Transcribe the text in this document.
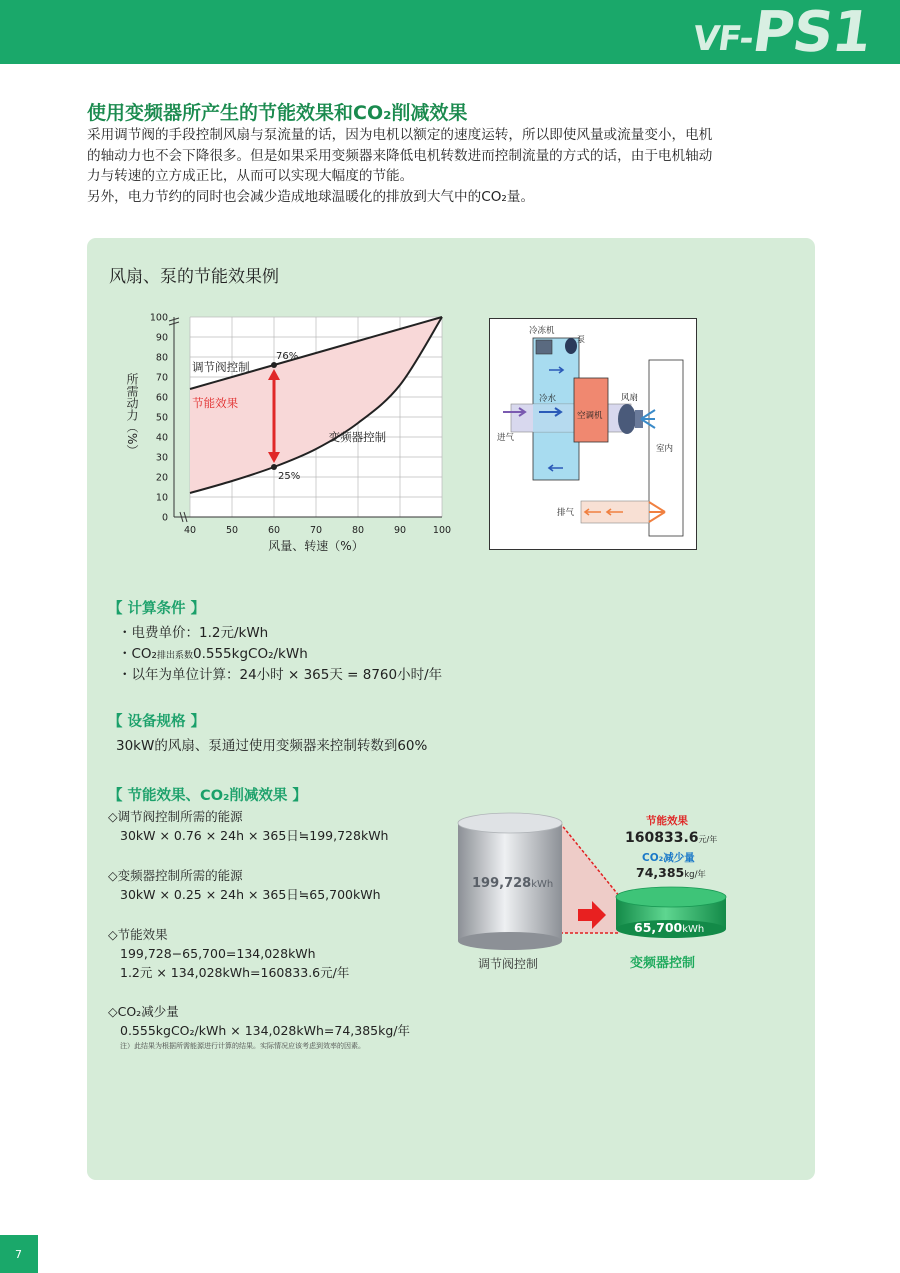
VF-
PS1
使用变频器所产生的节能效果和CO₂削减效果

采用调节阀的手段控制风扇与泵流量的话，因为电机以额定的速度运转，所以即使风量或流量变小，电机

的轴动力也不会下降很多。但是如果采用变频器来降低电机转数进而控制流量的方式的话，由于电机轴动

力与转速的立方成正比，从而可以实现大幅度的节能。

另外，电力节约的同时也会减少造成地球温暖化的排放到大气中的CO₂量。

风扇、泵的节能效果例
40	50	60	70	80	90	100
0
10
20
30
40
50
60
70
80
90
100
76%
25%
调节阀控制
变频器控制
节能效果
风量、转速（%）
所需动力（%）
冷冻机
泵
空调机
冷水	风扇
室内
排气
进气
【 计算条件 】
・电费单价：1.2元/kWh
・CO₂排出系数0.555kgCO₂/kWh
・以年为单位计算：24小时 × 365天 = 8760小时/年
【 设备规格 】
30kW的风扇、泵通过使用变频器来控制转数到60%
【 节能效果、CO₂削减效果 】
◇调节阀控制所需的能源
30kW × 0.76 × 24h × 365日≒199,728kWh
◇变频器控制所需的能源
30kW × 0.25 × 24h × 365日≒65,700kWh
◇节能效果
199,728−65,700=134,028kWh
1.2元 × 134,028kWh=160833.6元/年
◇CO₂减少量
0.555kgCO₂/kWh × 134,028kWh=74,385kg/年
注）此结果为根据所需能源进行计算的结果。实际情况应该考虑到效率的因素。
199,728kWh
65,700kWh
调节阀控制	变频器控制
节能效果
160833.6元/年
CO₂减少量
74,385kg/年
7
